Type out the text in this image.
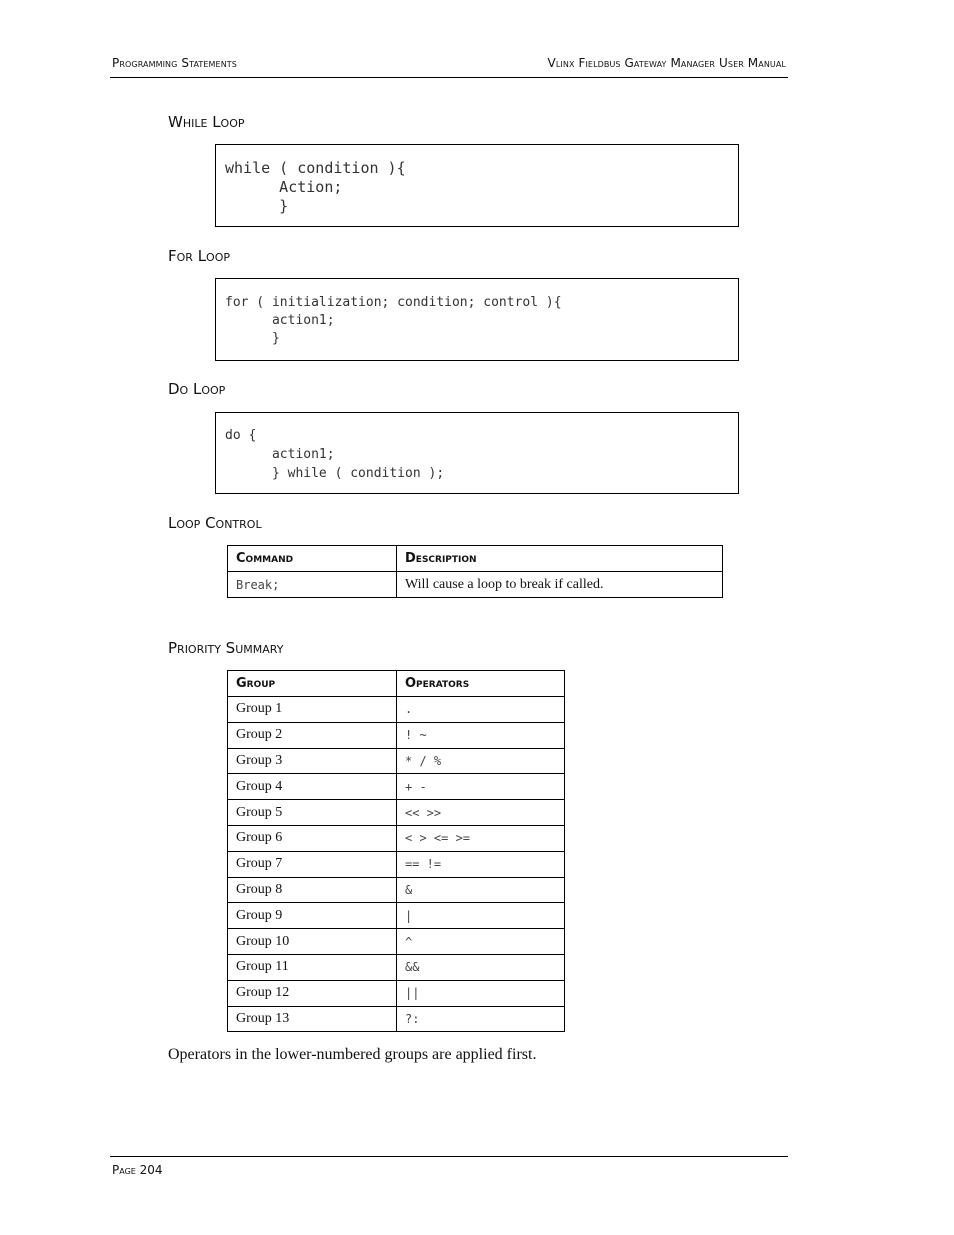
Programming Statements	Vlinx Fieldbus Gateway Manager User Manual
While Loop
while ( condition ){
Action;
}
For Loop
for ( initialization; condition; control ){
action1;
}
Do Loop
do {
action1;
} while ( condition );
Loop Control
Command	Description
Break;	Will cause a loop to break if called.
Priority Summary
Group	Operators
Group 1	.
Group 2	! ~
Group 3	* / %
Group 4	+ -
Group 5	<< >>
Group 6	< > <= >=
Group 7	== !=
Group 8	&
Group 9	|
Group 10	^
Group 11	&&
Group 12	||
Group 13	?:
Operators in the lower-numbered groups are applied first.
Page 204
